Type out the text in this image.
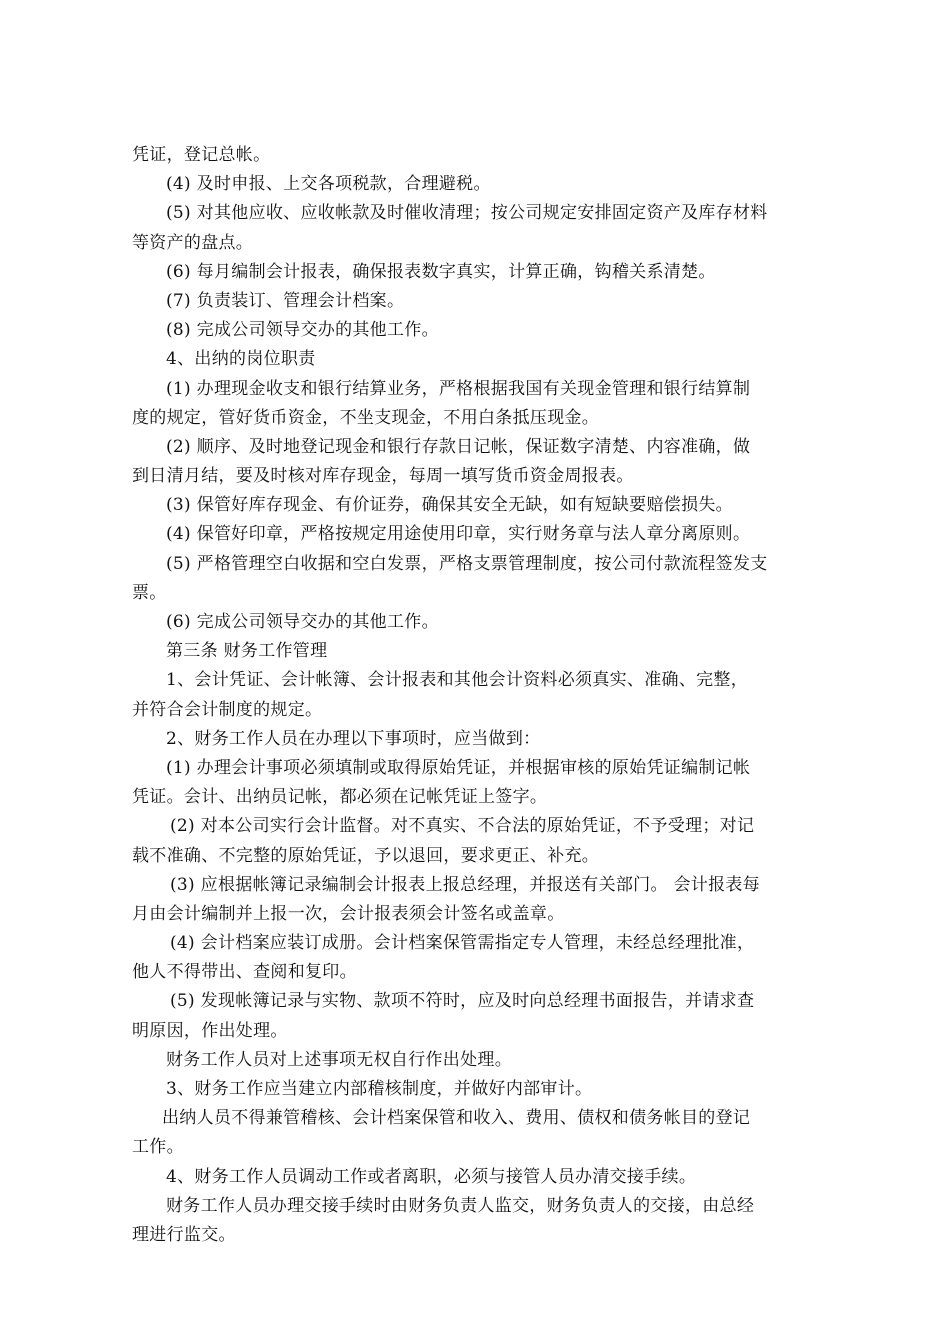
凭证，登记总帐。
(4) 及时申报、上交各项税款，合理避税。
(5) 对其他应收、应收帐款及时催收清理；按公司规定安排固定资产及库存材料
等资产的盘点。
(6) 每月编制会计报表，确保报表数字真实，计算正确，钩稽关系清楚。
(7) 负责装订、管理会计档案。
(8) 完成公司领导交办的其他工作。
4、出纳的岗位职责
(1) 办理现金收支和银行结算业务，严格根据我国有关现金管理和银行结算制
度的规定，管好货币资金，不坐支现金，不用白条抵压现金。
(2) 顺序、及时地登记现金和银行存款日记帐，保证数字清楚、内容准确，做
到日清月结，要及时核对库存现金，每周一填写货币资金周报表。
(3) 保管好库存现金、有价证券，确保其安全无缺，如有短缺要赔偿损失。
(4) 保管好印章，严格按规定用途使用印章，实行财务章与法人章分离原则。
(5) 严格管理空白收据和空白发票，严格支票管理制度，按公司付款流程签发支
票。
(6) 完成公司领导交办的其他工作。
第三条 财务工作管理
1、会计凭证、会计帐簿、会计报表和其他会计资料必须真实、准确、完整，
并符合会计制度的规定。
2、财务工作人员在办理以下事项时，应当做到：
(1) 办理会计事项必须填制或取得原始凭证，并根据审核的原始凭证编制记帐
凭证。会计、出纳员记帐，都必须在记帐凭证上签字。
(2) 对本公司实行会计监督。对不真实、不合法的原始凭证，不予受理；对记
载不准确、不完整的原始凭证，予以退回，要求更正、补充。
(3) 应根据帐簿记录编制会计报表上报总经理，并报送有关部门。 会计报表每
月由会计编制并上报一次，会计报表须会计签名或盖章。
(4) 会计档案应装订成册。会计档案保管需指定专人管理，未经总经理批准，
他人不得带出、查阅和复印。
(5) 发现帐簿记录与实物、款项不符时，应及时向总经理书面报告，并请求查
明原因，作出处理。
财务工作人员对上述事项无权自行作出处理。
3、财务工作应当建立内部稽核制度，并做好内部审计。
出纳人员不得兼管稽核、会计档案保管和收入、费用、债权和债务帐目的登记
工作。
4、财务工作人员调动工作或者离职，必须与接管人员办清交接手续。
财务工作人员办理交接手续时由财务负责人监交，财务负责人的交接，由总经
理进行监交。
